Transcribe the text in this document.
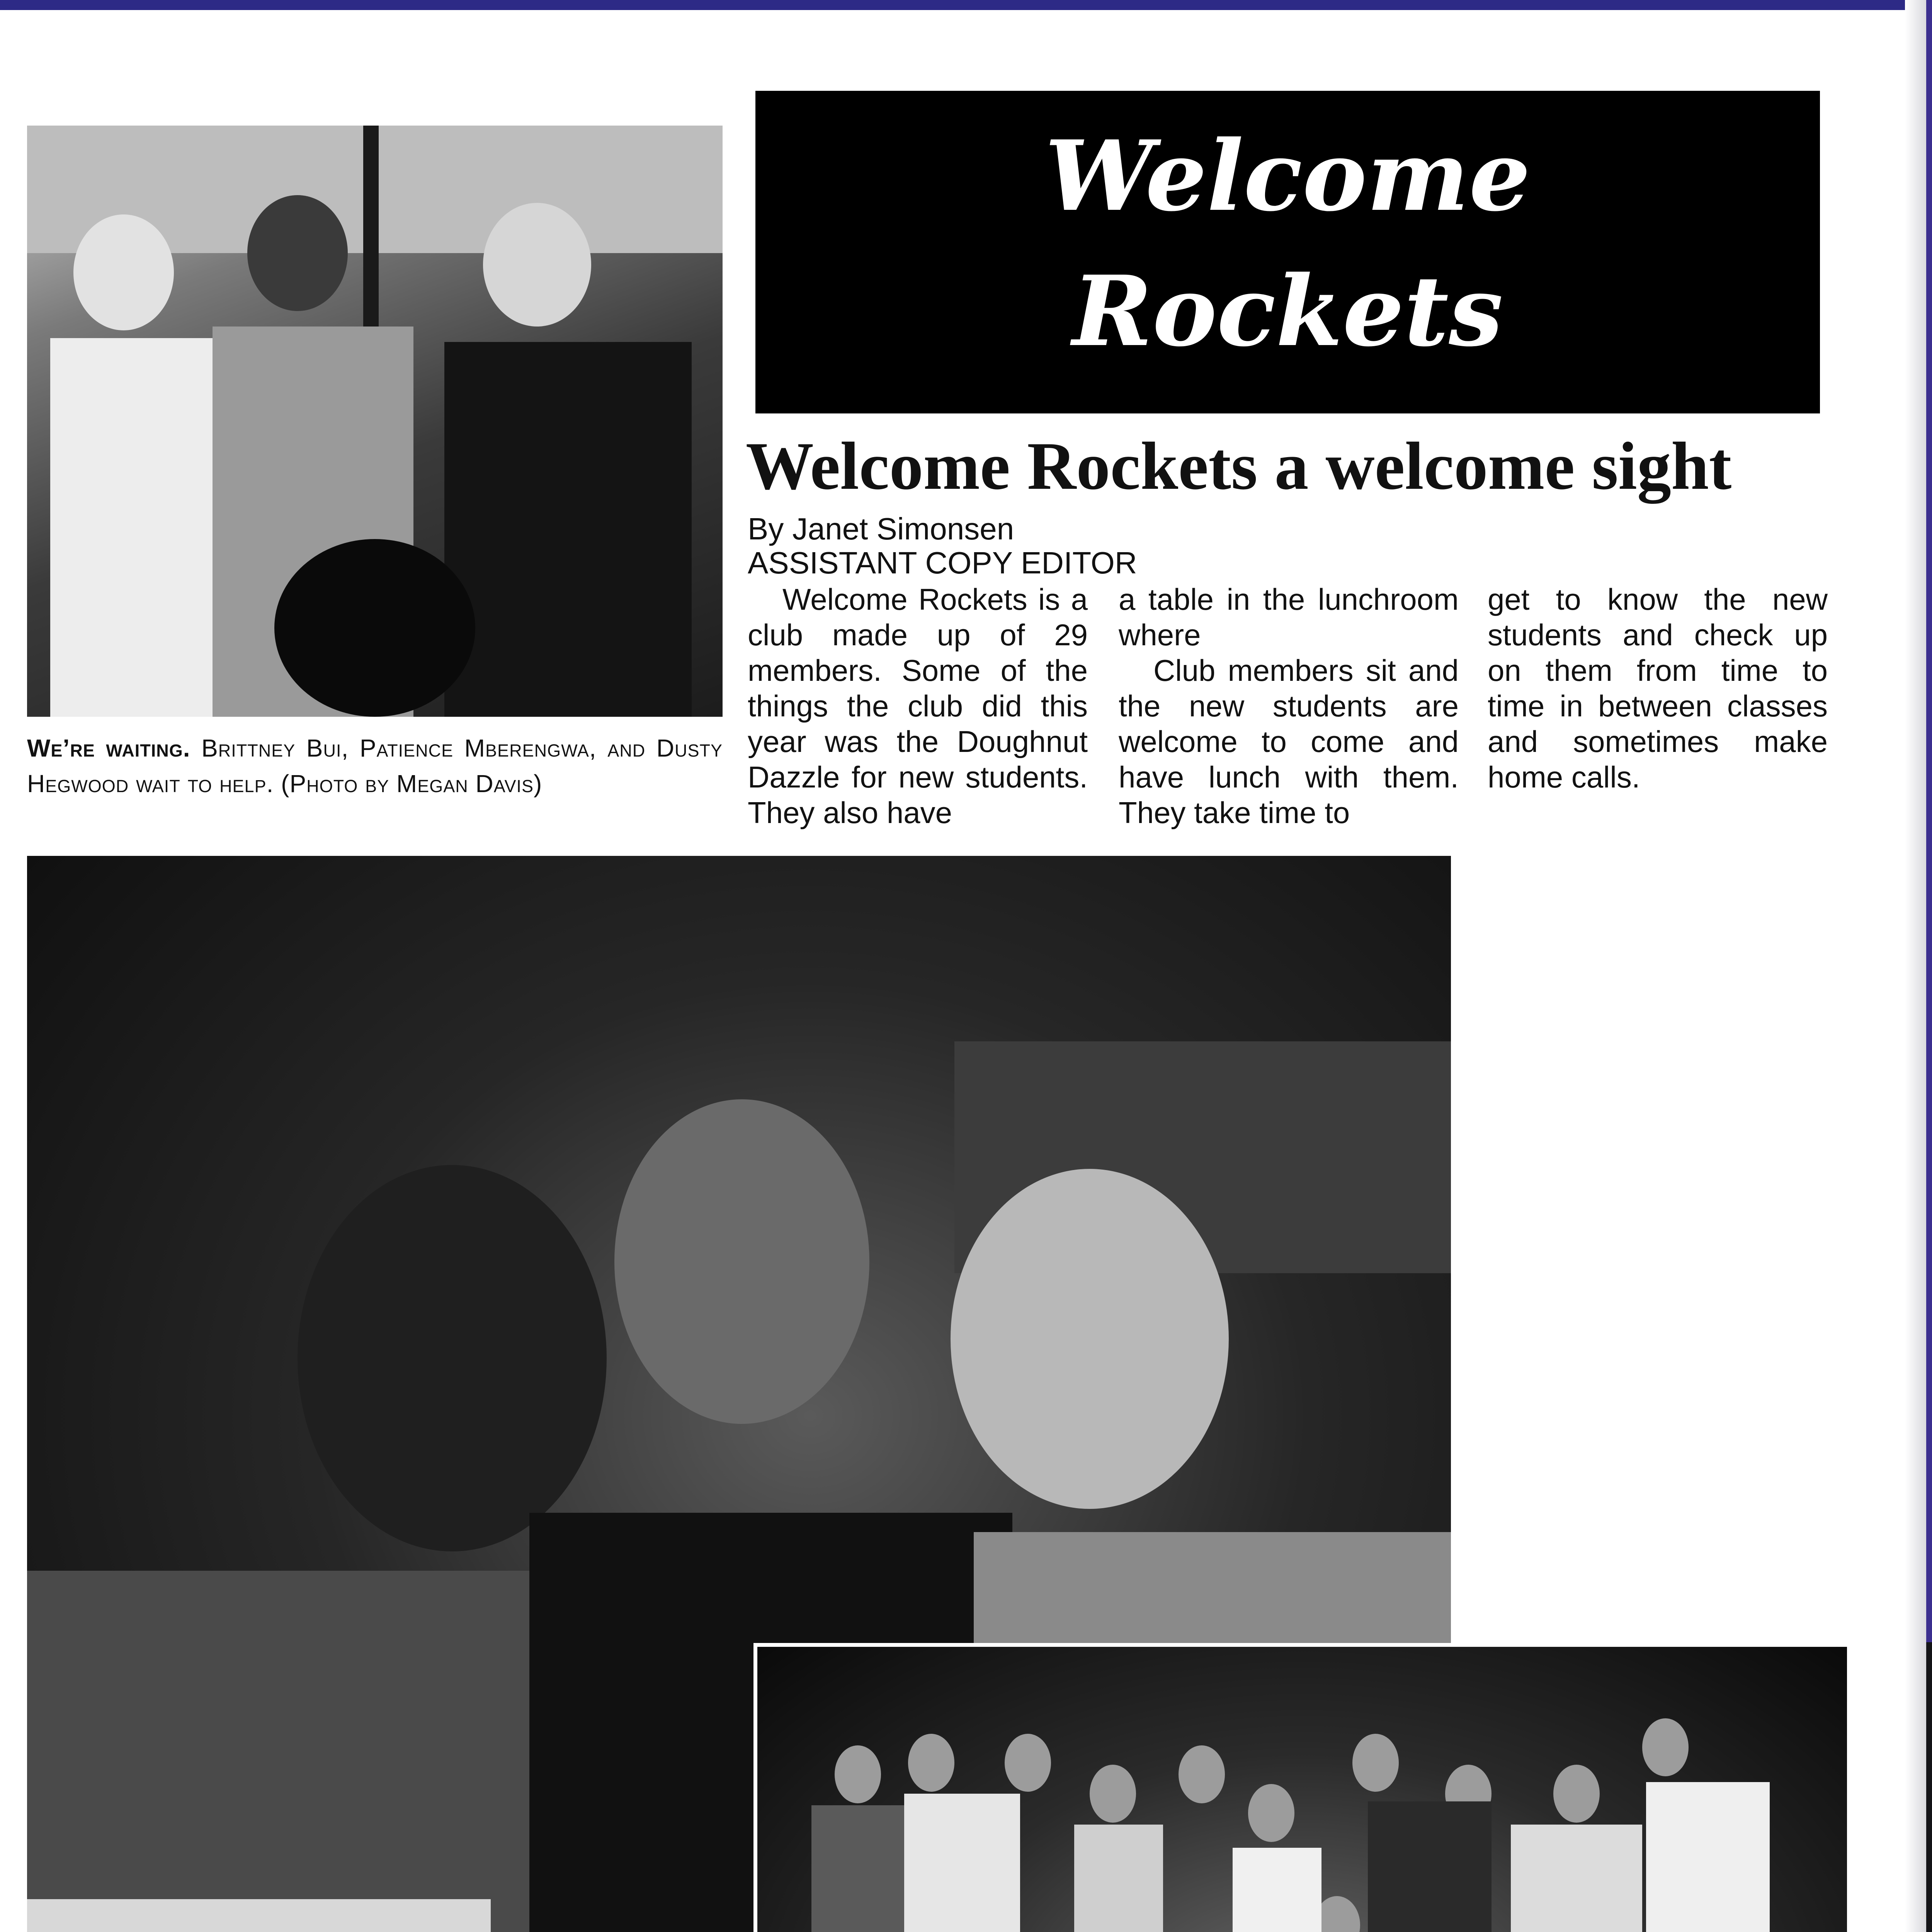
Welcome
Rockets
Welcome Rockets a welcome sight
By Janet Simonsen
ASSISTANT COPY EDITOR

Welcome Rockets is a club made up of 29 members. Some of the things the club did this year was the Doughnut Dazzle for new students. They also have

a table in the lunchroom where

Club members sit and the new students are welcome to come and have lunch with them. They take time to

get to know the new students and check up on them from time to time in between classes and sometimes make home calls.

We’re waiting. Brittney Bui, Patience Mberengwa, and Dusty Hegwood wait to help. (Photo by Megan Davis)
